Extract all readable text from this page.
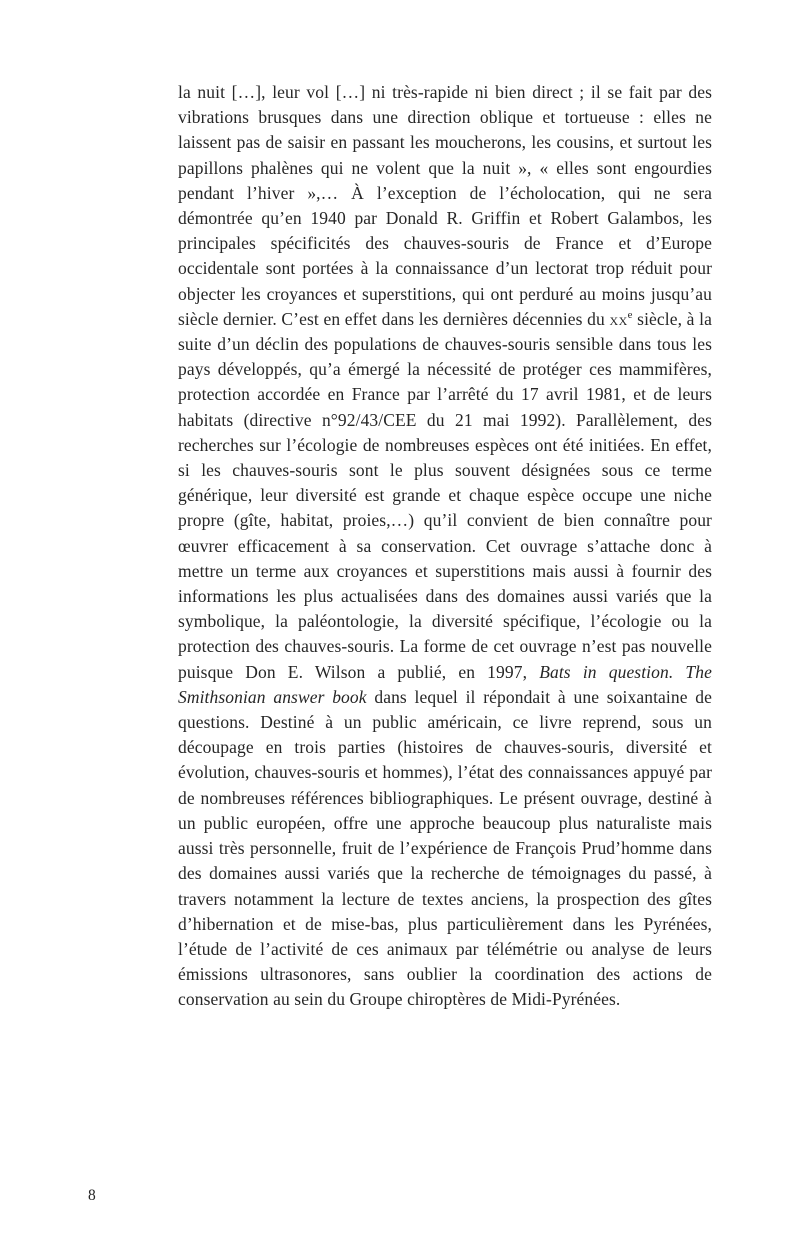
la nuit […], leur vol […] ni très-rapide ni bien direct ; il se fait par des vibrations brusques dans une direction oblique et tortueuse : elles ne laissent pas de saisir en passant les moucherons, les cousins, et surtout les papillons phalènes qui ne volent que la nuit », « elles sont engourdies pendant l’hiver »,… À l’exception de l’écholocation, qui ne sera démontrée qu’en 1940 par Donald R. Griffin et Robert Galambos, les principales spécificités des chauves-souris de France et d’Europe occidentale sont portées à la connaissance d’un lectorat trop réduit pour objecter les croyances et superstitions, qui ont perduré au moins jusqu’au siècle dernier. C’est en effet dans les dernières décennies du $xx^e$ siècle, à la suite d’un déclin des populations de chauves-souris sensible dans tous les pays développés, qu’a émergé la nécessité de protéger ces mammifères, protection accordée en France par l’arrêté du 17 avril 1981, et de leurs habitats (directive n°92/43/CEE du 21 mai 1992). Parallèlement, des recherches sur l’écologie de nombreuses espèces ont été initiées. En effet, si les chauves-souris sont le plus souvent désignées sous ce terme générique, leur diversité est grande et chaque espèce occupe une niche propre (gîte, habitat, proies,…) qu’il convient de bien connaître pour œuvrer efficacement à sa conservation. Cet ouvrage s’attache donc à mettre un terme aux croyances et superstitions mais aussi à fournir des informations les plus actualisées dans des domaines aussi variés que la symbolique, la paléontologie, la diversité spécifique, l’écologie ou la protection des chauves-souris. La forme de cet ouvrage n’est pas nouvelle puisque Don E. Wilson a publié, en 1997, Bats in question. The Smithsonian answer book dans lequel il répondait à une soixantaine de questions. Destiné à un public américain, ce livre reprend, sous un découpage en trois parties (histoires de chauves-souris, diversité et évolution, chauves-souris et hommes), l’état des connaissances appuyé par de nombreuses références bibliographiques. Le présent ouvrage, destiné à un public européen, offre une approche beaucoup plus naturaliste mais aussi très personnelle, fruit de l’expérience de François Prud’homme dans des domaines aussi variés que la recherche de témoignages du passé, à travers notamment la lecture de textes anciens, la prospection des gîtes d’hibernation et de mise-bas, plus particulièrement dans les Pyrénées, l’étude de l’activité de ces animaux par télémétrie ou analyse de leurs émissions ultrasonores, sans oublier la coordination des actions de conservation au sein du Groupe chiroptères de Midi-Pyrénées.

8
